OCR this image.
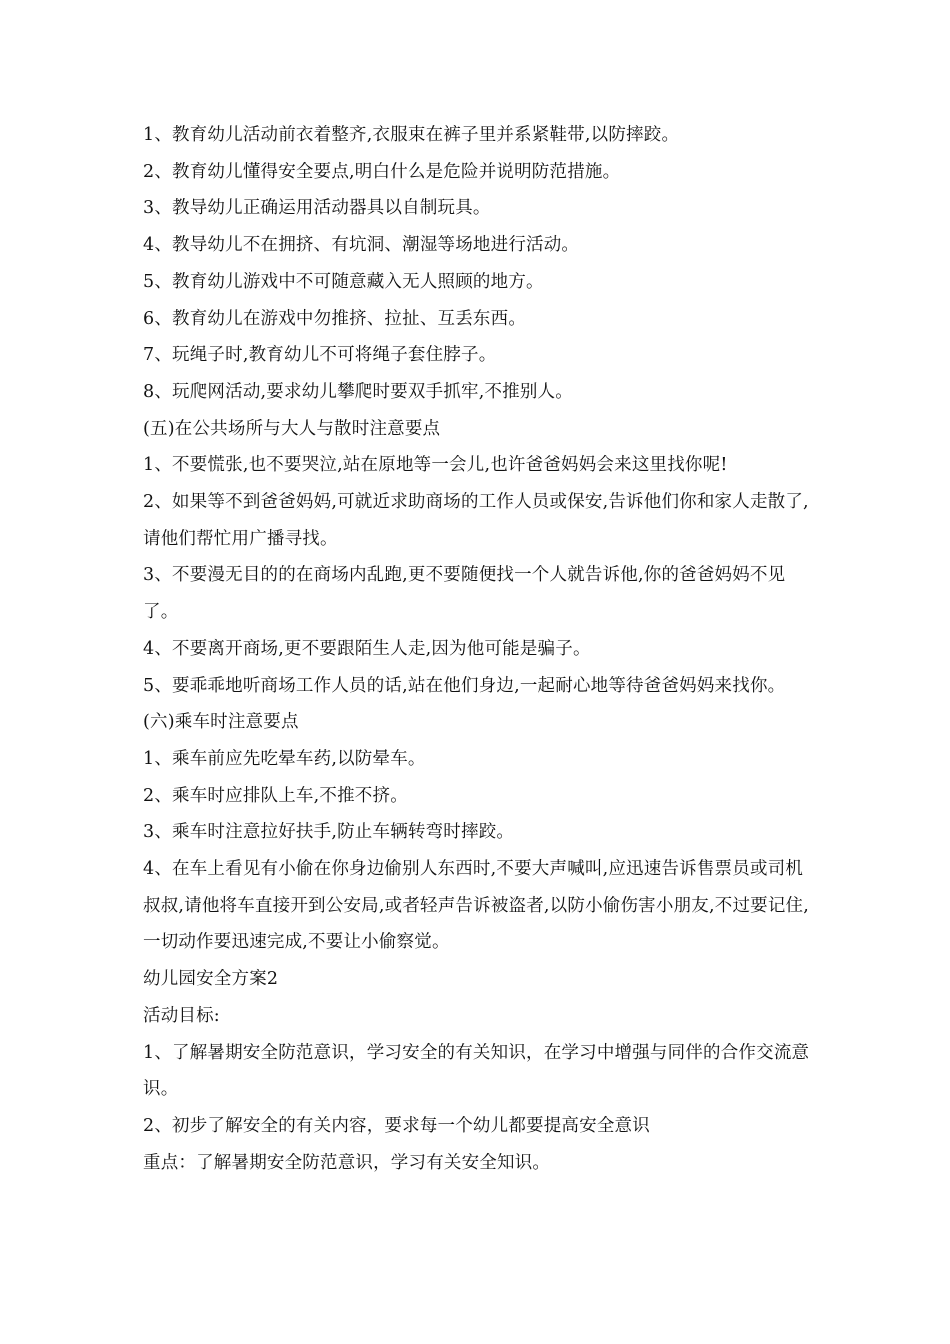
1、教育幼儿活动前衣着整齐,衣服束在裤子里并系紧鞋带,以防摔跤。

2、教育幼儿懂得安全要点,明白什么是危险并说明防范措施。

3、教导幼儿正确运用活动器具以自制玩具。

4、教导幼儿不在拥挤、有坑洞、潮湿等场地进行活动。

5、教育幼儿游戏中不可随意藏入无人照顾的地方。

6、教育幼儿在游戏中勿推挤、拉扯、互丢东西。

7、玩绳子时,教育幼儿不可将绳子套住脖子。

8、玩爬网活动,要求幼儿攀爬时要双手抓牢,不推别人。

(五)在公共场所与大人与散时注意要点

1、不要慌张,也不要哭泣,站在原地等一会儿,也许爸爸妈妈会来这里找你呢!

2、如果等不到爸爸妈妈,可就近求助商场的工作人员或保安,告诉他们你和家人走散了,请他们帮忙用广播寻找。

3、不要漫无目的的在商场内乱跑,更不要随便找一个人就告诉他,你的爸爸妈妈不见了。

4、不要离开商场,更不要跟陌生人走,因为他可能是骗子。

5、要乖乖地听商场工作人员的话,站在他们身边,一起耐心地等待爸爸妈妈来找你。

(六)乘车时注意要点

1、乘车前应先吃晕车药,以防晕车。

2、乘车时应排队上车,不推不挤。

3、乘车时注意拉好扶手,防止车辆转弯时摔跤。

4、在车上看见有小偷在你身边偷别人东西时,不要大声喊叫,应迅速告诉售票员或司机叔叔,请他将车直接开到公安局,或者轻声告诉被盗者,以防小偷伤害小朋友,不过要记住,一切动作要迅速完成,不要让小偷察觉。

幼儿园安全方案2

活动目标:

1、了解暑期安全防范意识，学习安全的有关知识，在学习中增强与同伴的合作交流意识。

2、初步了解安全的有关内容，要求每一个幼儿都要提高安全意识

重点：了解暑期安全防范意识，学习有关安全知识。
